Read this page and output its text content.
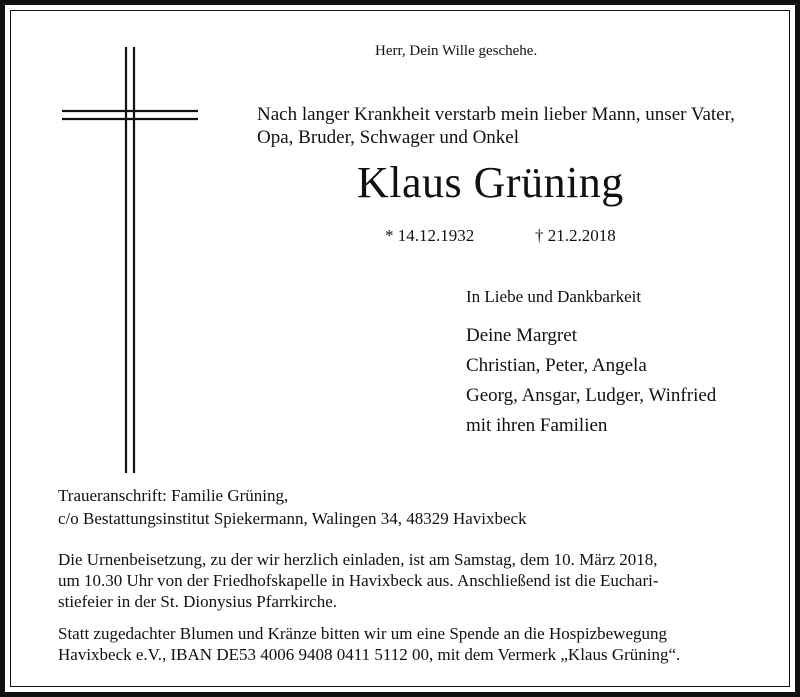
Herr, Dein Wille geschehe.
Nach langer Krankheit verstarb mein lieber Mann, unser Vater,
Opa, Bruder, Schwager und Onkel
Klaus Grüning
* 14.12.1932	† 21.2.2018
In Liebe und Dankbarkeit
Deine Margret
Christian, Peter, Angela
Georg, Ansgar, Ludger, Winfried
mit ihren Familien
Traueranschrift: Familie Grüning,
c/o Bestattungsinstitut Spiekermann, Walingen 34, 48329 Havixbeck
Die Urnenbeisetzung, zu der wir herzlich einladen, ist am Samstag, dem 10. März 2018,
um 10.30 Uhr von der Friedhofskapelle in Havixbeck aus. Anschließend ist die Euchari-
stiefeier in der St. Dionysius Pfarrkirche.
Statt zugedachter Blumen und Kränze bitten wir um eine Spende an die Hospizbewegung
Havixbeck e.V., IBAN DE53 4006 9408 0411 5112 00, mit dem Vermerk „Klaus Grüning“.
